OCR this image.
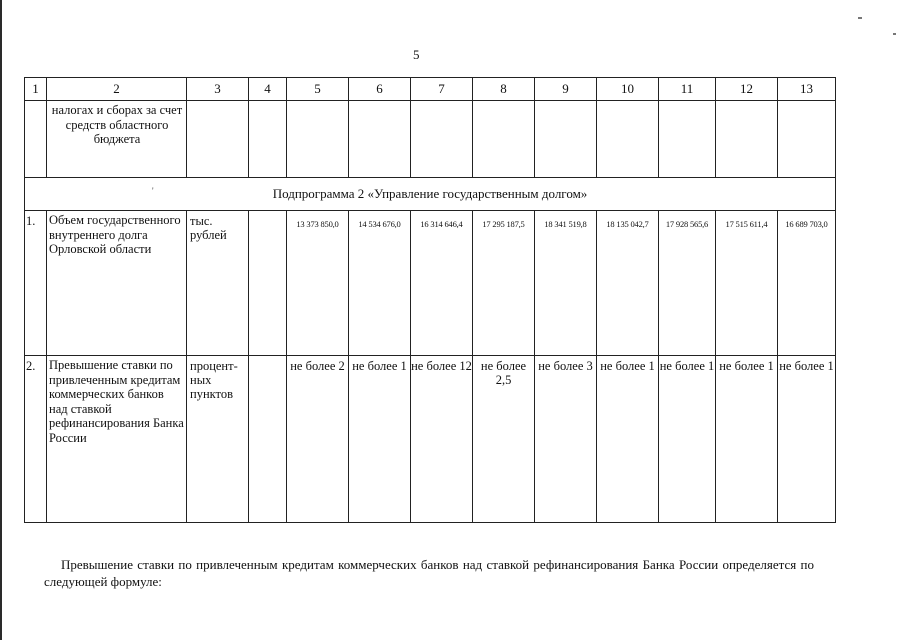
5
1	2	3	4	5	6	7	8	9	10	11	12	13
	налогах и сборах за счет средств областного бюджета											
Подпрограмма 2 «Управление государственным долгом»												
1.	Объем государственного внутреннего долга Орловской области	тыс. рублей		13 373 850,0	14 534 676,0	16 314 646,4	17 295 187,5	18 341 519,8	18 135 042,7	17 928 565,6	17 515 611,4	16 689 703,0
2.	Превышение ставки по привлеченным кредитам коммерческих банков над ставкой рефинансирования Банка России	процент-ных пунктов		не более 2	не более 1	не более 12	не более 2,5	не более 3	не более 1	не более 1	не более 1	не более 1
'
Превышение ставки по привлеченным кредитам коммерческих банков над ставкой рефинансирования Банка России определяется по следующей формуле:
